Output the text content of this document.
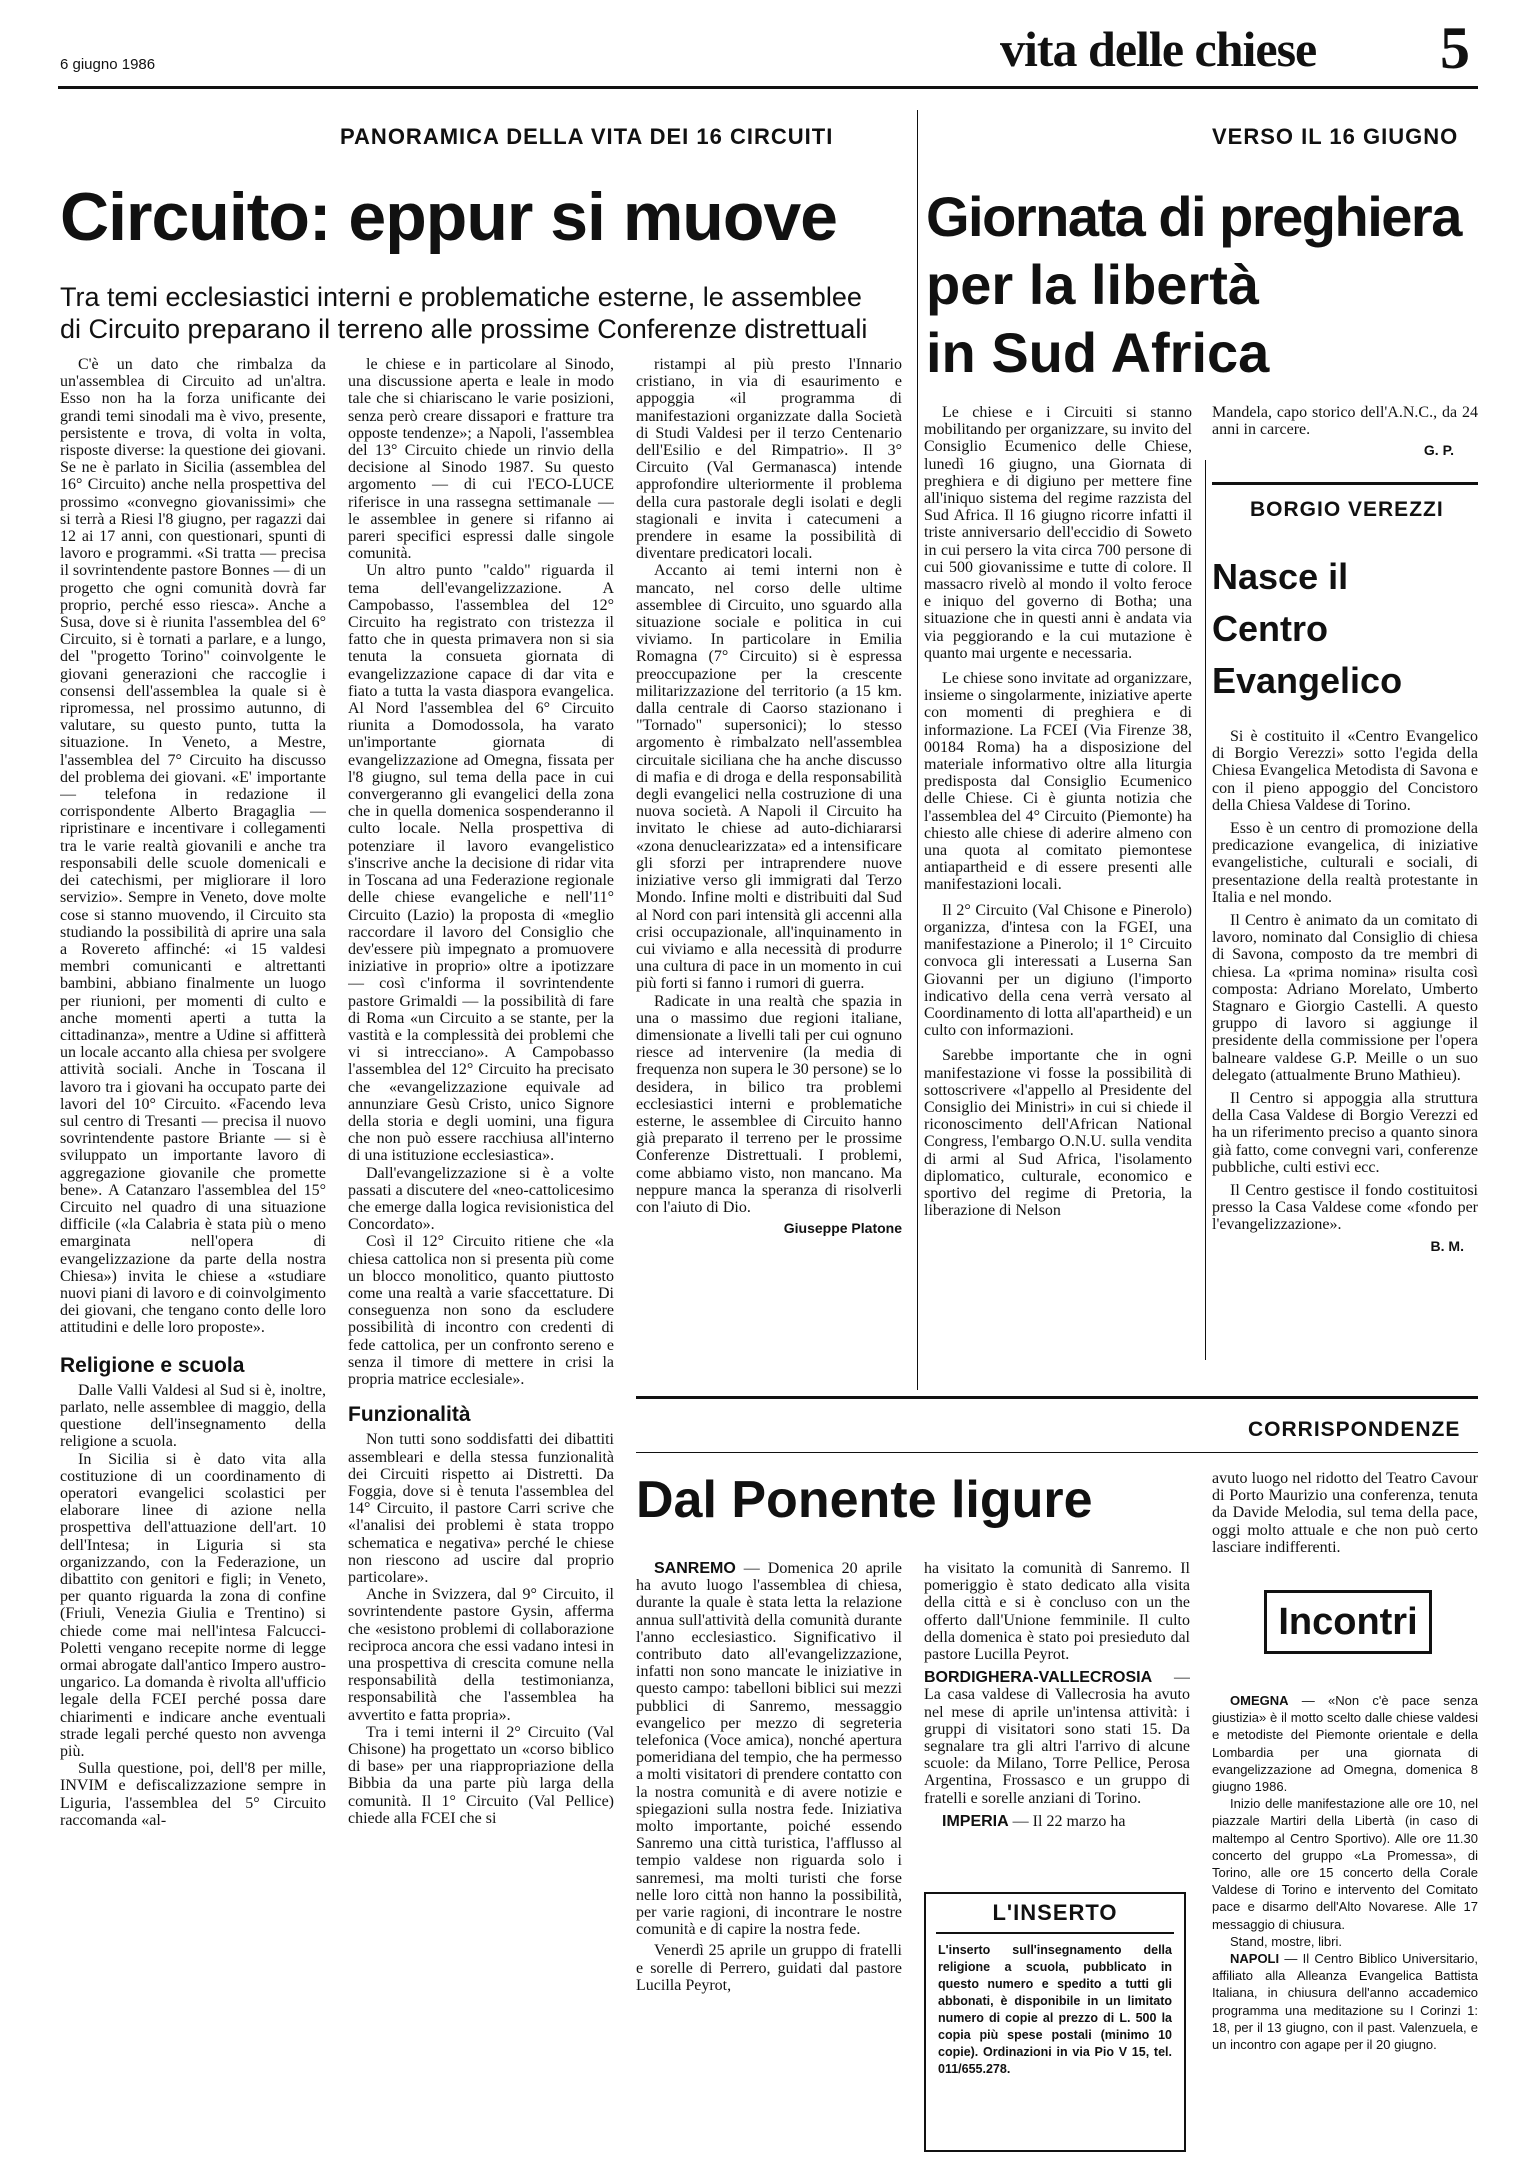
6 giugno 1986	vita delle chiese 5
PANORAMICA DELLA VITA DEI 16 CIRCUITI
Circuito: eppur si muove
Tra temi ecclesiastici interni e problematiche esterne, le assemblee
di Circuito preparano il terreno alle prossime Conferenze distrettuali

C'è un dato che rimbalza da un'assemblea di Circuito ad un'altra. Esso non ha la forza unificante dei grandi temi sinodali ma è vivo, presente, persistente e trova, di volta in volta, risposte diverse: la questione dei giovani. Se ne è parlato in Sicilia (assemblea del 16° Circuito) anche nella prospettiva del prossimo «convegno giovanissimi» che si terrà a Riesi l'8 giugno, per ragazzi dai 12 ai 17 anni, con questionari, spunti di lavoro e programmi. «Si tratta — precisa il sovrintendente pastore Bonnes — di un progetto che ogni comunità dovrà far proprio, perché esso riesca». Anche a Susa, dove si è riunita l'assemblea del 6° Circuito, si è tornati a parlare, e a lungo, del "progetto Torino" coinvolgente le giovani generazioni che raccoglie i consensi dell'assemblea la quale si è ripromessa, nel prossimo autunno, di valutare, su questo punto, tutta la situazione. In Veneto, a Mestre, l'assemblea del 7° Circuito ha discusso del problema dei giovani. «E' importante — telefona in redazione il corrispondente Alberto Bragaglia — ripristinare e incentivare i collegamenti tra le varie realtà giovanili e anche tra responsabili delle scuole domenicali e dei catechismi, per migliorare il loro servizio». Sempre in Veneto, dove molte cose si stanno muovendo, il Circuito sta studiando la possibilità di aprire una sala a Rovereto affinché: «i 15 valdesi membri comunicanti e altrettanti bambini, abbiano finalmente un luogo per riunioni, per momenti di culto e anche momenti aperti a tutta la cittadinanza», mentre a Udine si affitterà un locale accanto alla chiesa per svolgere attività sociali. Anche in Toscana il lavoro tra i giovani ha occupato parte dei lavori del 10° Circuito. «Facendo leva sul centro di Tresanti — precisa il nuovo sovrintendente pastore Briante — si è sviluppato un importante lavoro di aggregazione giovanile che promette bene». A Catanzaro l'assemblea del 15° Circuito nel quadro di una situazione difficile («la Calabria è stata più o meno emarginata nell'opera di evangelizzazione da parte della nostra Chiesa») invita le chiese a «studiare nuovi piani di lavoro e di coinvolgimento dei giovani, che tengano conto delle loro attitudini e delle loro proposte».

Religione e scuola

Dalle Valli Valdesi al Sud si è, inoltre, parlato, nelle assemblee di maggio, della questione dell'insegnamento della religione a scuola.

In Sicilia si è dato vita alla costituzione di un coordinamento di operatori evangelici scolastici per elaborare linee di azione nella prospettiva dell'attuazione dell'art. 10 dell'Intesa; in Liguria si sta organizzando, con la Federazione, un dibattito con genitori e figli; in Veneto, per quanto riguarda la zona di confine (Friuli, Venezia Giulia e Trentino) si chiede come mai nell'intesa Falcucci-Poletti vengano recepite norme di legge ormai abrogate dall'antico Impero austro-ungarico. La domanda è rivolta all'ufficio legale della FCEI perché possa dare chiarimenti e indicare anche eventuali strade legali perché questo non avvenga più.

Sulla questione, poi, dell'8 per mille, INVIM e defiscalizzazione sempre in Liguria, l'assemblea del 5° Circuito raccomanda «al-

le chiese e in particolare al Sinodo, una discussione aperta e leale in modo tale che si chiariscano le varie posizioni, senza però creare dissapori e fratture tra opposte tendenze»; a Napoli, l'assemblea del 13° Circuito chiede un rinvio della decisione al Sinodo 1987. Su questo argomento — di cui l'ECO-LUCE riferisce in una rassegna settimanale — le assemblee in genere si rifanno ai pareri specifici espressi dalle singole comunità.

Un altro punto "caldo" riguarda il tema dell'evangelizzazione. A Campobasso, l'assemblea del 12° Circuito ha registrato con tristezza il fatto che in questa primavera non si sia tenuta la consueta giornata di evangelizzazione capace di dar vita e fiato a tutta la vasta diaspora evangelica. Al Nord l'assemblea del 6° Circuito riunita a Domodossola, ha varato un'importante giornata di evangelizzazione ad Omegna, fissata per l'8 giugno, sul tema della pace in cui convergeranno gli evangelici della zona che in quella domenica sospenderanno il culto locale. Nella prospettiva di potenziare il lavoro evangelistico s'inscrive anche la decisione di ridar vita in Toscana ad una Federazione regionale delle chiese evangeliche e nell'11° Circuito (Lazio) la proposta di «meglio raccordare il lavoro del Consiglio che dev'essere più impegnato a promuovere iniziative in proprio» oltre a ipotizzare — così c'informa il sovrintendente pastore Grimaldi — la possibilità di fare di Roma «un Circuito a se stante, per la vastità e la complessità dei problemi che vi si intrecciano». A Campobasso l'assemblea del 12° Circuito ha precisato che «evangelizzazione equivale ad annunziare Gesù Cristo, unico Signore della storia e degli uomini, una figura che non può essere racchiusa all'interno di una istituzione ecclesiastica».

Dall'evangelizzazione si è a volte passati a discutere del «neo-cattolicesimo che emerge dalla logica revisionistica del Concordato».

Così il 12° Circuito ritiene che «la chiesa cattolica non si presenta più come un blocco monolitico, quanto piuttosto come una realtà a varie sfaccettature. Di conseguenza non sono da escludere possibilità di incontro con credenti di fede cattolica, per un confronto sereno e senza il timore di mettere in crisi la propria matrice ecclesiale».

Funzionalità

Non tutti sono soddisfatti dei dibattiti assembleari e della stessa funzionalità dei Circuiti rispetto ai Distretti. Da Foggia, dove si è tenuta l'assemblea del 14° Circuito, il pastore Carri scrive che «l'analisi dei problemi è stata troppo schematica e negativa» perché le chiese non riescono ad uscire dal proprio particolare».

Anche in Svizzera, dal 9° Circuito, il sovrintendente pastore Gysin, afferma che «esistono problemi di collaborazione reciproca ancora che essi vadano intesi in una prospettiva di crescita comune nella responsabilità della testimonianza, responsabilità che l'assemblea ha avvertito e fatta propria».

Tra i temi interni il 2° Circuito (Val Chisone) ha progettato un «corso biblico di base» per una riappropriazione della Bibbia da una parte più larga della comunità. Il 1° Circuito (Val Pellice) chiede alla FCEI che si

ristampi al più presto l'Innario cristiano, in via di esaurimento e appoggia «il programma di manifestazioni organizzate dalla Società di Studi Valdesi per il terzo Centenario dell'Esilio e del Rimpatrio». Il 3° Circuito (Val Germanasca) intende approfondire ulteriormente il problema della cura pastorale degli isolati e degli stagionali e invita i catecumeni a prendere in esame la possibilità di diventare predicatori locali.

Accanto ai temi interni non è mancato, nel corso delle ultime assemblee di Circuito, uno sguardo alla situazione sociale e politica in cui viviamo. In particolare in Emilia Romagna (7° Circuito) si è espressa preoccupazione per la crescente militarizzazione del territorio (a 15 km. dalla centrale di Caorso stazionano i "Tornado" supersonici); lo stesso argomento è rimbalzato nell'assemblea circuitale siciliana che ha anche discusso di mafia e di droga e della responsabilità degli evangelici nella costruzione di una nuova società. A Napoli il Circuito ha invitato le chiese ad auto-dichiararsi «zona denuclearizzata» ed a intensificare gli sforzi per intraprendere nuove iniziative verso gli immigrati dal Terzo Mondo. Infine molti e distribuiti dal Sud al Nord con pari intensità gli accenni alla crisi occupazionale, all'inquinamento in cui viviamo e alla necessità di produrre una cultura di pace in un momento in cui più forti si fanno i rumori di guerra.

Radicate in una realtà che spazia in una o massimo due regioni italiane, dimensionate a livelli tali per cui ognuno riesce ad intervenire (la media di frequenza non supera le 30 persone) se lo desidera, in bilico tra problemi ecclesiastici interni e problematiche esterne, le assemblee di Circuito hanno già preparato il terreno per le prossime Conferenze Distrettuali. I problemi, come abbiamo visto, non mancano. Ma neppure manca la speranza di risolverli con l'aiuto di Dio.

Giuseppe Platone
VERSO IL 16 GIUGNO
Giornata di preghiera
per la libertà
in Sud Africa

Le chiese e i Circuiti si stanno mobilitando per organizzare, su invito del Consiglio Ecumenico delle Chiese, lunedì 16 giugno, una Giornata di preghiera e di digiuno per mettere fine all'iniquo sistema del regime razzista del Sud Africa. Il 16 giugno ricorre infatti il triste anniversario dell'eccidio di Soweto in cui persero la vita circa 700 persone di cui 500 giovanissime e tutte di colore. Il massacro rivelò al mondo il volto feroce e iniquo del governo di Botha; una situazione che in questi anni è andata via via peggiorando e la cui mutazione è quanto mai urgente e necessaria.

Le chiese sono invitate ad organizzare, insieme o singolarmente, iniziative aperte con momenti di preghiera e di informazione. La FCEI (Via Firenze 38, 00184 Roma) ha a disposizione del materiale informativo oltre alla liturgia predisposta dal Consiglio Ecumenico delle Chiese. Ci è giunta notizia che l'assemblea del 4° Circuito (Piemonte) ha chiesto alle chiese di aderire almeno con una quota al comitato piemontese antiapartheid e di essere presenti alle manifestazioni locali.

Il 2° Circuito (Val Chisone e Pinerolo) organizza, d'intesa con la FGEI, una manifestazione a Pinerolo; il 1° Circuito convoca gli interessati a Luserna San Giovanni per un digiuno (l'importo indicativo della cena verrà versato al Coordinamento di lotta all'apartheid) e un culto con informazioni.

Sarebbe importante che in ogni manifestazione vi fosse la possibilità di sottoscrivere «l'appello al Presidente del Consiglio dei Ministri» in cui si chiede il riconoscimento dell'African National Congress, l'embargo O.N.U. sulla vendita di armi al Sud Africa, l'isolamento diplomatico, culturale, economico e sportivo del regime di Pretoria, la liberazione di Nelson

Mandela, capo storico dell'A.N.C., da 24 anni in carcere.

G. P.
BORGIO VEREZZI
Nasce il
Centro
Evangelico

Si è costituito il «Centro Evangelico di Borgio Verezzi» sotto l'egida della Chiesa Evangelica Metodista di Savona e con il pieno appoggio del Concistoro della Chiesa Valdese di Torino.

Esso è un centro di promozione della predicazione evangelica, di iniziative evangelistiche, culturali e sociali, di presentazione della realtà protestante in Italia e nel mondo.

Il Centro è animato da un comitato di lavoro, nominato dal Consiglio di chiesa di Savona, composto da tre membri di chiesa. La «prima nomina» risulta così composta: Adriano Morelato, Umberto Stagnaro e Giorgio Castelli. A questo gruppo di lavoro si aggiunge il presidente della commissione per l'opera balneare valdese G.P. Meille o un suo delegato (attualmente Bruno Mathieu).

Il Centro si appoggia alla struttura della Casa Valdese di Borgio Verezzi ed ha un riferimento preciso a quanto sinora già fatto, come convegni vari, conferenze pubbliche, culti estivi ecc.

Il Centro gestisce il fondo costituitosi presso la Casa Valdese come «fondo per l'evangelizzazione».

B. M.
CORRISPONDENZE
Dal Ponente ligure

SANREMO — Domenica 20 aprile ha avuto luogo l'assemblea di chiesa, durante la quale è stata letta la relazione annua sull'attività della comunità durante l'anno ecclesiastico. Significativo il contributo dato all'evangelizzazione, infatti non sono mancate le iniziative in questo campo: tabelloni biblici sui mezzi pubblici di Sanremo, messaggio evangelico per mezzo di segreteria telefonica (Voce amica), nonché apertura pomeridiana del tempio, che ha permesso a molti visitatori di prendere contatto con la nostra comunità e di avere notizie e spiegazioni sulla nostra fede. Iniziativa molto importante, poiché essendo Sanremo una città turistica, l'afflusso al tempio valdese non riguarda solo i sanremesi, ma molti turisti che forse nelle loro città non hanno la possibilità, per varie ragioni, di incontrare le nostre comunità e di capire la nostra fede.

Venerdì 25 aprile un gruppo di fratelli e sorelle di Perrero, guidati dal pastore Lucilla Peyrot,

ha visitato la comunità di Sanremo. Il pomeriggio è stato dedicato alla visita della città e si è concluso con un the offerto dall'Unione femminile. Il culto della domenica è stato poi presieduto dal pastore Lucilla Peyrot.

BORDIGHERA-VALLECROSIA — La casa valdese di Vallecrosia ha avuto nel mese di aprile un'intensa attività: i gruppi di visitatori sono stati 15. Da segnalare tra gli altri l'arrivo di alcune scuole: da Milano, Torre Pellice, Perosa Argentina, Frossasco e un gruppo di fratelli e sorelle anziani di Torino.

IMPERIA — Il 22 marzo ha

L'INSERTO
L'inserto sull'insegnamento della religione a scuola, pubblicato in questo numero e spedito a tutti gli abbonati, è disponibile in un limitato numero di copie al prezzo di L. 500 la copia più spese postali (minimo 10 copie). Ordinazioni in via Pio V 15, tel. 011/655.278.

avuto luogo nel ridotto del Teatro Cavour di Porto Maurizio una conferenza, tenuta da Davide Melodia, sul tema della pace, oggi molto attuale e che non può certo lasciare indifferenti.

Incontri

OMEGNA — «Non c'è pace senza giustizia» è il motto scelto dalle chiese valdesi e metodiste del Piemonte orientale e della Lombardia per una giornata di evangelizzazione ad Omegna, domenica 8 giugno 1986.

Inizio delle manifestazione alle ore 10, nel piazzale Martiri della Libertà (in caso di maltempo al Centro Sportivo). Alle ore 11.30 concerto del gruppo «La Promessa», di Torino, alle ore 15 concerto della Corale Valdese di Torino e intervento del Comitato pace e disarmo dell'Alto Novarese. Alle 17 messaggio di chiusura.

Stand, mostre, libri.

NAPOLI — Il Centro Biblico Universitario, affiliato alla Alleanza Evangelica Battista Italiana, in chiusura dell'anno accademico programma una meditazione su I Corinzi 1: 18, per il 13 giugno, con il past. Valenzuela, e un incontro con agape per il 20 giugno.
